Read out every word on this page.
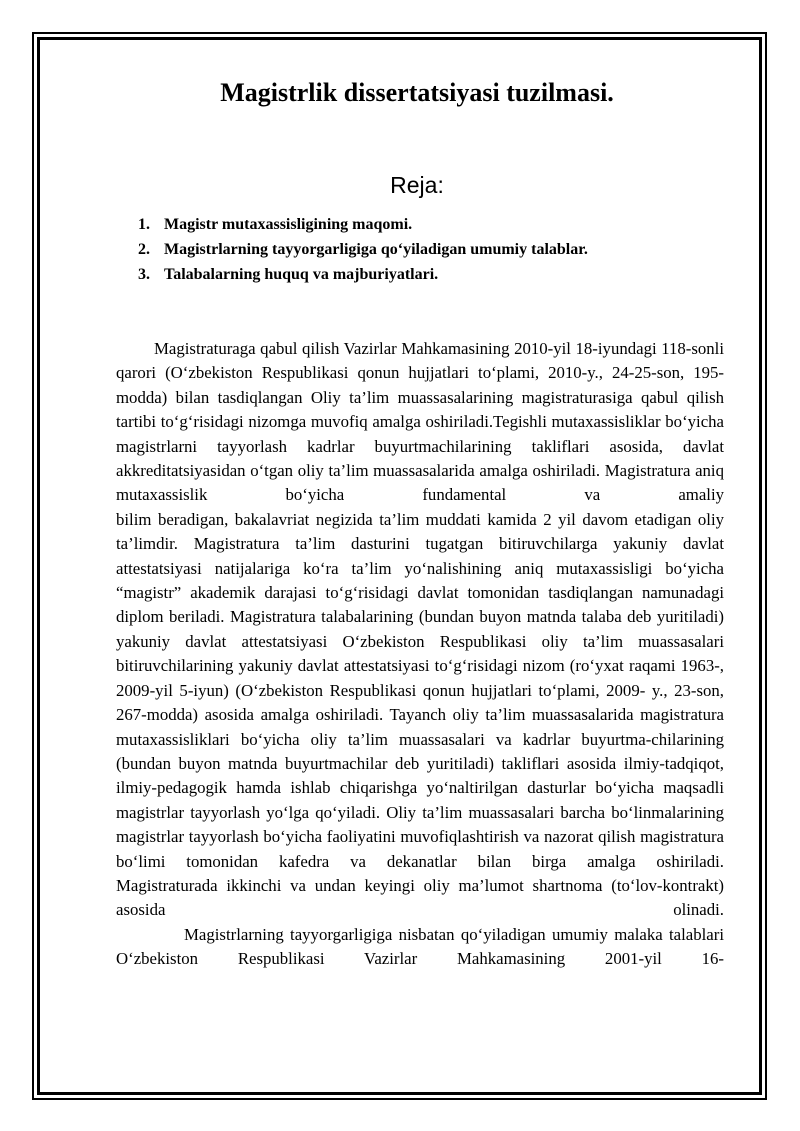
Magistrlik dissertatsiyasi tuzilmasi.
Reja:
1. Magistr mutaxassisligining maqomi.
2. Magistrlarning tayyorgarligiga qo‘yiladigan umumiy talablar.
3. Talabalarning huquq va majburiyatlari.

Magistraturaga qabul qilish Vazirlar Mahkamasining 2010-yil 18-iyundagi 118-sonli qarori (O‘zbekiston Respublikasi qonun hujjatlari to‘plami, 2010-y., 24-25-son, 195-modda) bilan tasdiqlangan Oliy ta’lim muassasalarining magistraturasiga qabul qilish tartibi to‘g‘risidagi nizomga muvofiq amalga oshiriladi.Tegishli mutaxassisliklar bo‘yicha magistrlarni tayyorlash kadrlar buyurtmachilarining takliflari asosida, davlat akkreditatsiyasidan o‘tgan oliy ta’lim muassasalarida amalga oshiriladi. Magistratura aniq mutaxassislik bo‘yicha fundamental va amaliy

bilim beradigan, bakalavriat negizida ta’lim muddati kamida 2 yil davom etadigan oliy ta’limdir. Magistratura ta’lim dasturini tugatgan bitiruvchilarga yakuniy davlat attestatsiyasi natijalariga ko‘ra ta’lim yo‘nalishining aniq mutaxassisligi bo‘yicha “magistr” akademik darajasi to‘g‘risidagi davlat tomonidan tasdiqlangan namunadagi diplom beriladi. Magistratura talabalarining (bundan buyon matnda talaba deb yuritiladi) yakuniy davlat attestatsiyasi O‘zbekiston Respublikasi oliy ta’lim muassasalari bitiruvchilarining yakuniy davlat attestatsiyasi to‘g‘risidagi nizom (ro‘yxat raqami 1963-, 2009-yil 5-iyun) (O‘zbekiston Respublikasi qonun hujjatlari to‘plami, 2009- y., 23-son, 267-modda) asosida amalga oshiriladi. Tayanch oliy ta’lim muassasalarida magistratura mutaxassisliklari bo‘yicha oliy ta’lim muassasalari va kadrlar buyurtma-chilarining (bundan buyon matnda buyurtmachilar deb yuritiladi) takliflari asosida ilmiy-tadqiqot, ilmiy-pedagogik hamda ishlab chiqarishga yo‘naltirilgan dasturlar bo‘yicha maqsadli magistrlar tayyorlash yo‘lga qo‘yiladi. Oliy ta’lim muassasalari barcha bo‘linmalarining magistrlar tayyorlash bo‘yicha faoliyatini muvofiqlashtirish va nazorat qilish magistratura bo‘limi tomonidan kafedra va dekanatlar bilan birga amalga oshiriladi.

Magistraturada ikkinchi va undan keyingi oliy ma’lumot shartnoma (to‘lov-kontrakt) asosida olinadi.

Magistrlarning tayyorgarligiga nisbatan qo‘yiladigan umumiy malaka talablari O‘zbekiston Respublikasi Vazirlar Mahkamasining 2001-yil 16-
